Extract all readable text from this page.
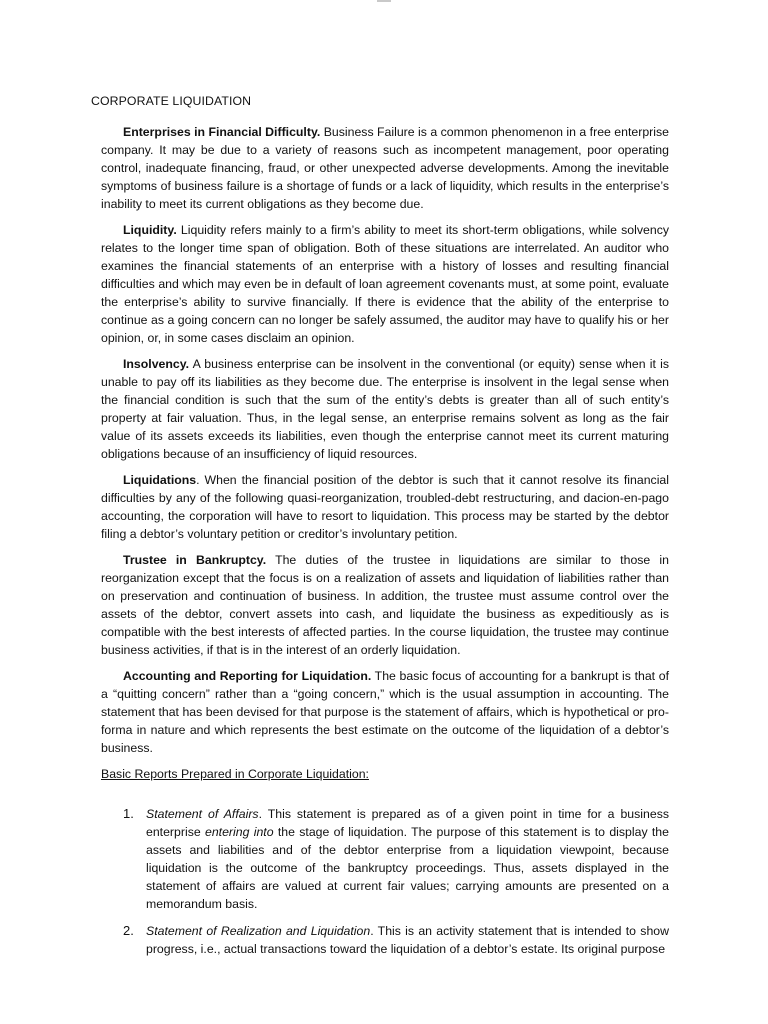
CORPORATE LIQUIDATION

Enterprises in Financial Difficulty. Business Failure is a common phenomenon in a free enterprise company. It may be due to a variety of reasons such as incompetent management, poor operating control, inadequate financing, fraud, or other unexpected adverse developments. Among the inevitable symptoms of business failure is a shortage of funds or a lack of liquidity, which results in the enterprise’s inability to meet its current obligations as they become due.

Liquidity. Liquidity refers mainly to a firm’s ability to meet its short-term obligations, while solvency relates to the longer time span of obligation. Both of these situations are interrelated. An auditor who examines the financial statements of an enterprise with a history of losses and resulting financial difficulties and which may even be in default of loan agreement covenants must, at some point, evaluate the enterprise’s ability to survive financially. If there is evidence that the ability of the enterprise to continue as a going concern can no longer be safely assumed, the auditor may have to qualify his or her opinion, or, in some cases disclaim an opinion.

Insolvency. A business enterprise can be insolvent in the conventional (or equity) sense when it is unable to pay off its liabilities as they become due. The enterprise is insolvent in the legal sense when the financial condition is such that the sum of the entity’s debts is greater than all of such entity’s property at fair valuation. Thus, in the legal sense, an enterprise remains solvent as long as the fair value of its assets exceeds its liabilities, even though the enterprise cannot meet its current maturing obligations because of an insufficiency of liquid resources.

Liquidations. When the financial position of the debtor is such that it cannot resolve its financial difficulties by any of the following quasi-reorganization, troubled-debt restructuring, and dacion-en-pago accounting, the corporation will have to resort to liquidation. This process may be started by the debtor filing a debtor’s voluntary petition or creditor’s involuntary petition.

Trustee in Bankruptcy. The duties of the trustee in liquidations are similar to those in reorganization except that the focus is on a realization of assets and liquidation of liabilities rather than on preservation and continuation of business. In addition, the trustee must assume control over the assets of the debtor, convert assets into cash, and liquidate the business as expeditiously as is compatible with the best interests of affected parties. In the course liquidation, the trustee may continue business activities, if that is in the interest of an orderly liquidation.

Accounting and Reporting for Liquidation. The basic focus of accounting for a bankrupt is that of a “quitting concern” rather than a “going concern,” which is the usual assumption in accounting. The statement that has been devised for that purpose is the statement of affairs, which is hypothetical or pro-forma in nature and which represents the best estimate on the outcome of the liquidation of a debtor’s business.

Basic Reports Prepared in Corporate Liquidation:
1. Statement of Affairs. This statement is prepared as of a given point in time for a business enterprise entering into the stage of liquidation. The purpose of this statement is to display the assets and liabilities and of the debtor enterprise from a liquidation viewpoint, because liquidation is the outcome of the bankruptcy proceedings. Thus, assets displayed in the statement of affairs are valued at current fair values; carrying amounts are presented on a memorandum basis.
2. Statement of Realization and Liquidation. This is an activity statement that is intended to show progress, i.e., actual transactions toward the liquidation of a debtor’s estate. Its original purpose
